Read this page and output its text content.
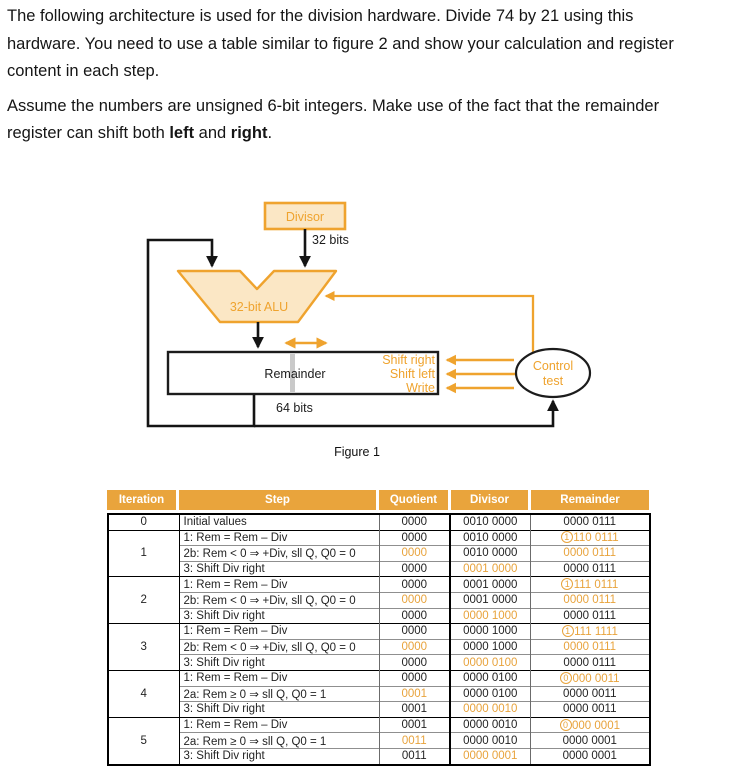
The following architecture is used for the division hardware. Divide 74 by 21 using this
hardware. You need to use a table similar to figure 2 and show your calculation and register
content in each step.
Assume the numbers are unsigned 6-bit integers. Make use of the fact that the remainder
register can shift both left and right.
Divisor
32 bits
32-bit ALU
Remainder
Shift right
Shift left
Write
Control
test
64 bits
Figure 1
Iteration	Step	Quotient	Divisor	Remainder
0	Initial values	0000	0010 0000	0000 0111
1	1: Rem = Rem – Div	0000	0010 0000	1 110 0111
	2b: Rem < 0 ⇒ +Div, sll Q, Q0 = 0	0000	0010 0000	0000 0111
	3: Shift Div right	0000	0001 0000	0000 0111
2	1: Rem = Rem – Div	0000	0001 0000	1 111 0111
	2b: Rem < 0 ⇒ +Div, sll Q, Q0 = 0	0000	0001 0000	0000 0111
	3: Shift Div right	0000	0000 1000	0000 0111
3	1: Rem = Rem – Div	0000	0000 1000	1 111 1111
	2b: Rem < 0 ⇒ +Div, sll Q, Q0 = 0	0000	0000 1000	0000 0111
	3: Shift Div right	0000	0000 0100	0000 0111
4	1: Rem = Rem – Div	0000	0000 0100	0 000 0011
	2a: Rem ≥ 0 ⇒ sll Q, Q0 = 1	0001	0000 0100	0000 0011
	3: Shift Div right	0001	0000 0010	0000 0011
5	1: Rem = Rem – Div	0001	0000 0010	0 000 0001
	2a: Rem ≥ 0 ⇒ sll Q, Q0 = 1	0011	0000 0010	0000 0001
	3: Shift Div right	0011	0000 0001	0000 0001
